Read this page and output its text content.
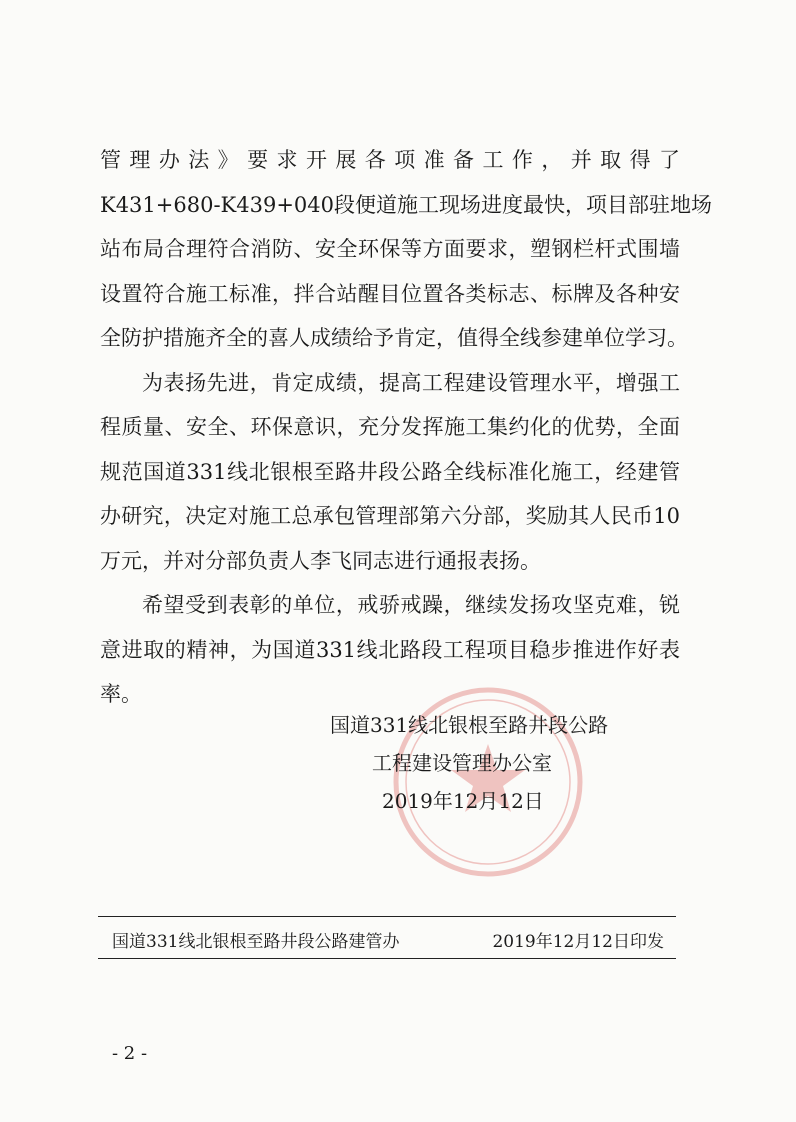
管理办法》要求开展各项准备工作，并取得了
K431+680-K439+040段便道施工现场进度最快，项目部驻地场
站布局合理符合消防、安全环保等方面要求，塑钢栏杆式围墙
设置符合施工标准，拌合站醒目位置各类标志、标牌及各种安
全防护措施齐全的喜人成绩给予肯定，值得全线参建单位学习。

为表扬先进，肯定成绩，提高工程建设管理水平，增强工
程质量、安全、环保意识，充分发挥施工集约化的优势，全面
规范国道331线北银根至路井段公路全线标准化施工，经建管
办研究，决定对施工总承包管理部第六分部，奖励其人民币10
万元，并对分部负责人李飞同志进行通报表扬。

希望受到表彰的单位，戒骄戒躁，继续发扬攻坚克难，锐
意进取的精神，为国道331线北路段工程项目稳步推进作好表
率。

国道331线北银根至路井段公路
工程建设管理办公室
2019年12月12日
国道331线北银根至路井段公路建管办	2019年12月12日印发
- 2 -
